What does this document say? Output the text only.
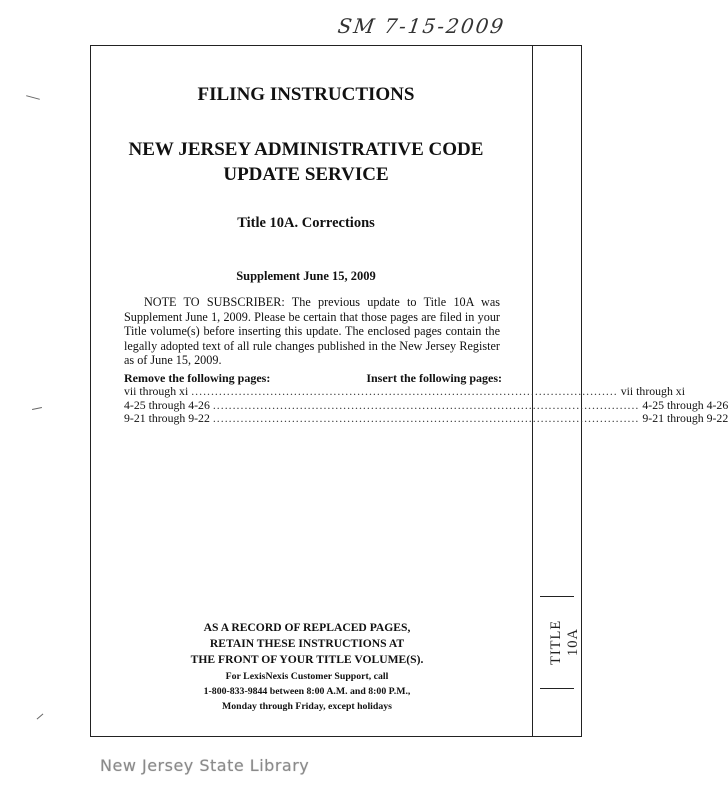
SM 7-15-2009
FILING INSTRUCTIONS
NEW JERSEY ADMINISTRATIVE CODE
UPDATE SERVICE
Title 10A. Corrections
Supplement June 15, 2009
NOTE TO SUBSCRIBER: The previous update to Title 10A was Supplement June 1, 2009. Please be certain that those pages are filed in your Title volume(s) before inserting this update. The enclosed pages contain the legally adopted text of all rule changes published in the New Jersey Register as of June 15, 2009.
Remove the following pages:	Insert the following pages:
vii through xi ............................................................................................................ vii through xi
4-25 through 4-26 ............................................................................................................ 4-25 through 4-26
9-21 through 9-22 ............................................................................................................ 9-21 through 9-22
AS A RECORD OF REPLACED PAGES,
RETAIN THESE INSTRUCTIONS AT
THE FRONT OF YOUR TITLE VOLUME(S).
For LexisNexis Customer Support, call
1-800-833-9844 between 8:00 A.M. and 8:00 P.M.,
Monday through Friday, except holidays
TITLE 10A
New Jersey State Library
